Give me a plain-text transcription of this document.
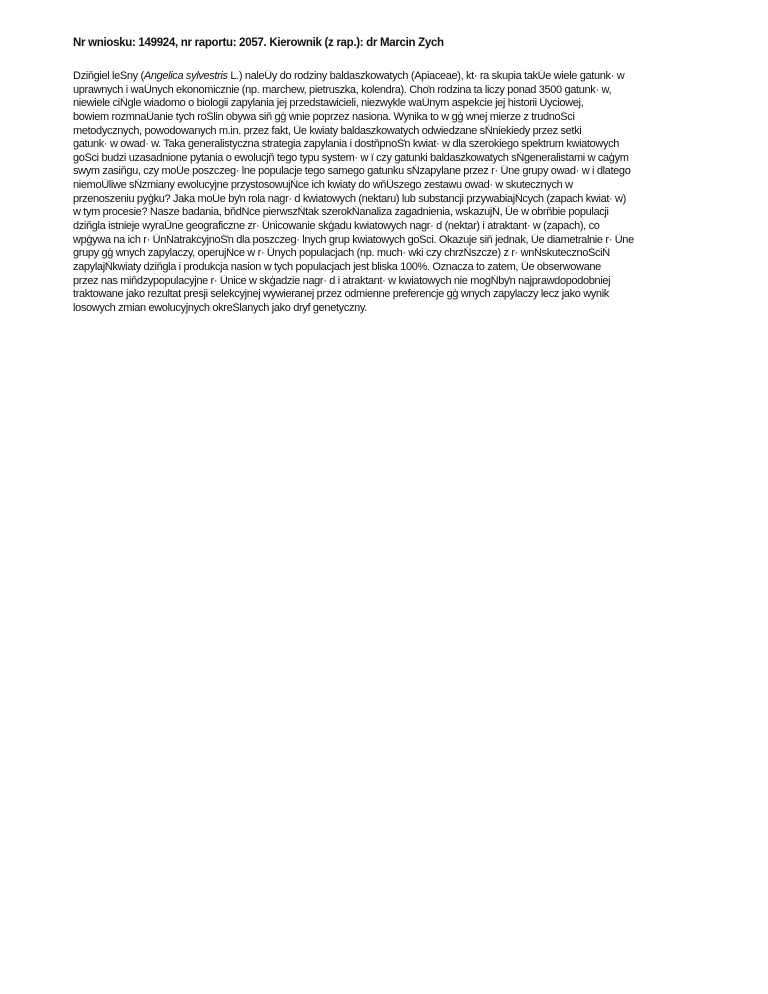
Nr wniosku: 149924, nr raportu: 2057. Kierownik (z rap.): dr Marcin Zych
Dziňgiel leŚny (Angelica sylvestris L.) naleŰy do rodziny baldaszkowatych (Apiaceae), kt· ra skupia takŰe wiele gatunk· w
uprawnych i waŰnych ekonomicznie (np. marchew, pietruszka, kolendra). Choŉ rodzina ta liczy ponad 3500 gatunk· w,
niewiele ciŃgle wiadomo o biologii zapylania jej przedstawicieli, niezwykle waŰnym aspekcie jej historii Űyciowej,
bowiem rozmnaŰanie tych roŚlin obywa siň gģ wnie poprzez nasiona. Wynika to w gģ wnej mierze z trudnoŚci
metodycznych, powodowanych m.in. przez fakt, Űe kwiaty baldaszkowatych odwiedzane sŃniekiedy przez setki
gatunk· w owad· w. Taka generalistyczna strategia zapylania i dostňpnoŚŉ kwiat· w dla szerokiego spektrum kwiatowych
goŚci budzi uzasadnione pytania o ewolucjň tego typu system· w ï czy gatunki baldaszkowatych sŃgeneralistami w caģym
swym zasiňgu, czy moŰe poszczeg· lne populacje tego samego gatunku sŃzapylane przez r· Űne grupy owad· w i dlatego
niemoŰliwe sŃzmiany ewolucyjne przystosowujŃce ich kwiaty do wňŰszego zestawu owad· w skutecznych w
przenoszeniu pyģku? Jaka moŰe byŉ rola nagr· d kwiatowych (nektaru) lub substancji przywabiajŃcych (zapach kwiat· w)
w tym procesie? Nasze badania, bňdŃce pierwszŃtak szerokŃanaliza zagadnienia, wskazujŃ, Űe w obrňbie populacji
dziňgla istnieje wyraŬne geograficzne zr· Űnicowanie skģadu kwiatowych nagr· d (nektar) i atraktant· w (zapach), co
wpģywa na ich r· ŰnŃatrakcyjnoŚŉ dla poszczeg· lnych grup kwiatowych goŚci. Okazuje siň jednak, Űe diametralnie r· Űne
grupy gģ wnych zapylaczy, operujŃce w r· Űnych populacjach (np. much· wki czy chrzŃszcze) z r· wnŃskutecznoŚciŃ
zapylajŃkwiaty dziňgla i produkcja nasion w tych populacjach jest bliska 100%. Oznacza to zatem, Űe obserwowane
przez nas miňdzypopulacyjne r· Űnice w skģadzie nagr· d i atraktant· w kwiatowych nie mogŃbyŉ najprawdopodobniej
traktowane jako rezultat presji selekcyjnej wywieranej przez odmienne preferencje gģ wnych zapylaczy lecz jako wynik
losowych zmian ewolucyjnych okreŚlanych jako dryf genetyczny.
